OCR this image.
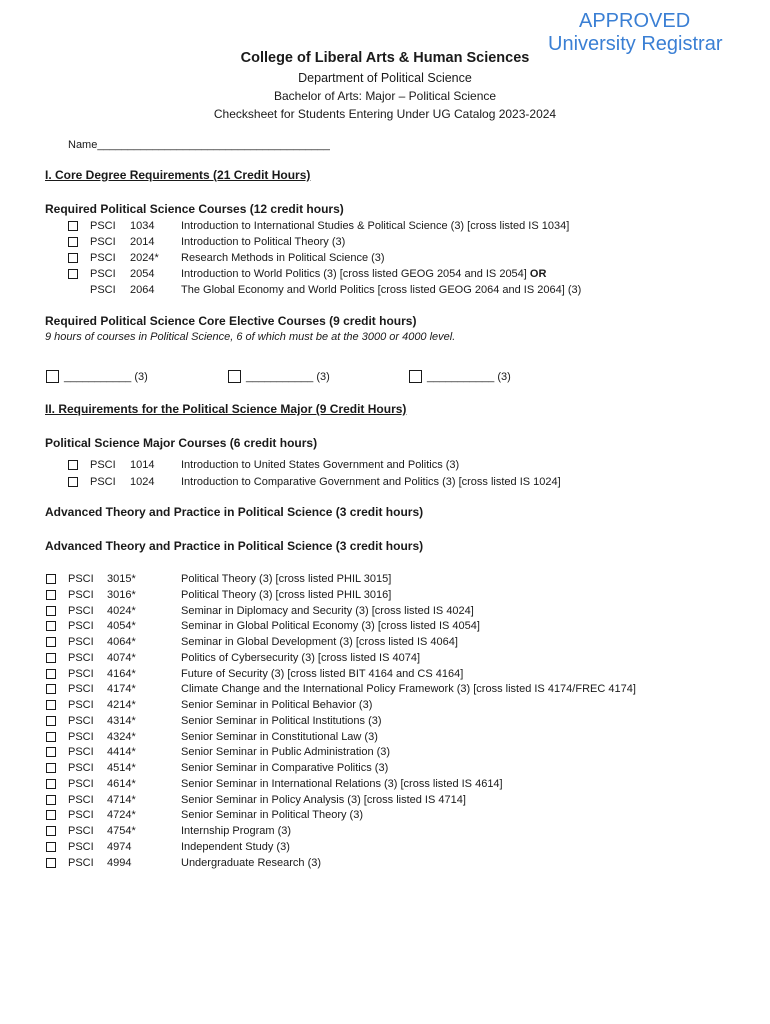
APPROVED
University Registrar
College of Liberal Arts & Human Sciences
Department of Political Science
Bachelor of Arts: Major – Political Science
Checksheet for Students Entering Under UG Catalog 2023-2024
Name______________________________________
I. Core Degree Requirements (21 Credit Hours)
Required Political Science Courses (12 credit hours)
PSCI 1034 Introduction to International Studies & Political Science (3) [cross listed IS 1034]
PSCI 2014 Introduction to Political Theory (3)
PSCI 2024* Research Methods in Political Science (3)
PSCI 2054 Introduction to World Politics (3) [cross listed GEOG 2054 and IS 2054] OR
PSCI 2064 The Global Economy and World Politics [cross listed GEOG 2064 and IS 2064] (3)
Required Political Science Core Elective Courses (9 credit hours)
9 hours of courses in Political Science, 6 of which must be at the 3000 or 4000 level.
___________ (3)	___________ (3)	___________ (3)
II. Requirements for the Political Science Major (9 Credit Hours)
Political Science Major Courses (6 credit hours)
PSCI 1014 Introduction to United States Government and Politics (3)
PSCI 1024 Introduction to Comparative Government and Politics (3) [cross listed IS 1024]
Advanced Theory and Practice in Political Science (3 credit hours)
Advanced Theory and Practice in Political Science (3 credit hours)
PSCI 3015*	Political Theory (3) [cross listed PHIL 3015]
PSCI 3016*	Political Theory (3) [cross listed PHIL 3016]
PSCI 4024*	Seminar in Diplomacy and Security (3) [cross listed IS 4024]
PSCI 4054*	Seminar in Global Political Economy (3) [cross listed IS 4054]
PSCI 4064*	Seminar in Global Development (3) [cross listed IS 4064]
PSCI 4074*	Politics of Cybersecurity (3) [cross listed IS 4074]
PSCI 4164*	Future of Security (3) [cross listed BIT 4164 and CS 4164]
PSCI 4174*	Climate Change and the International Policy Framework (3) [cross listed IS 4174/FREC 4174]
PSCI 4214*	Senior Seminar in Political Behavior (3)
PSCI 4314*	Senior Seminar in Political Institutions (3)
PSCI 4324*	Senior Seminar in Constitutional Law (3)
PSCI 4414*	Senior Seminar in Public Administration (3)
PSCI 4514*	Senior Seminar in Comparative Politics (3)
PSCI 4614*	Senior Seminar in International Relations (3) [cross listed IS 4614]
PSCI 4714*	Senior Seminar in Policy Analysis (3) [cross listed IS 4714]
PSCI 4724*	Senior Seminar in Political Theory (3)
PSCI 4754*	Internship Program (3)
PSCI 4974	Independent Study (3)
PSCI 4994	Undergraduate Research (3)
